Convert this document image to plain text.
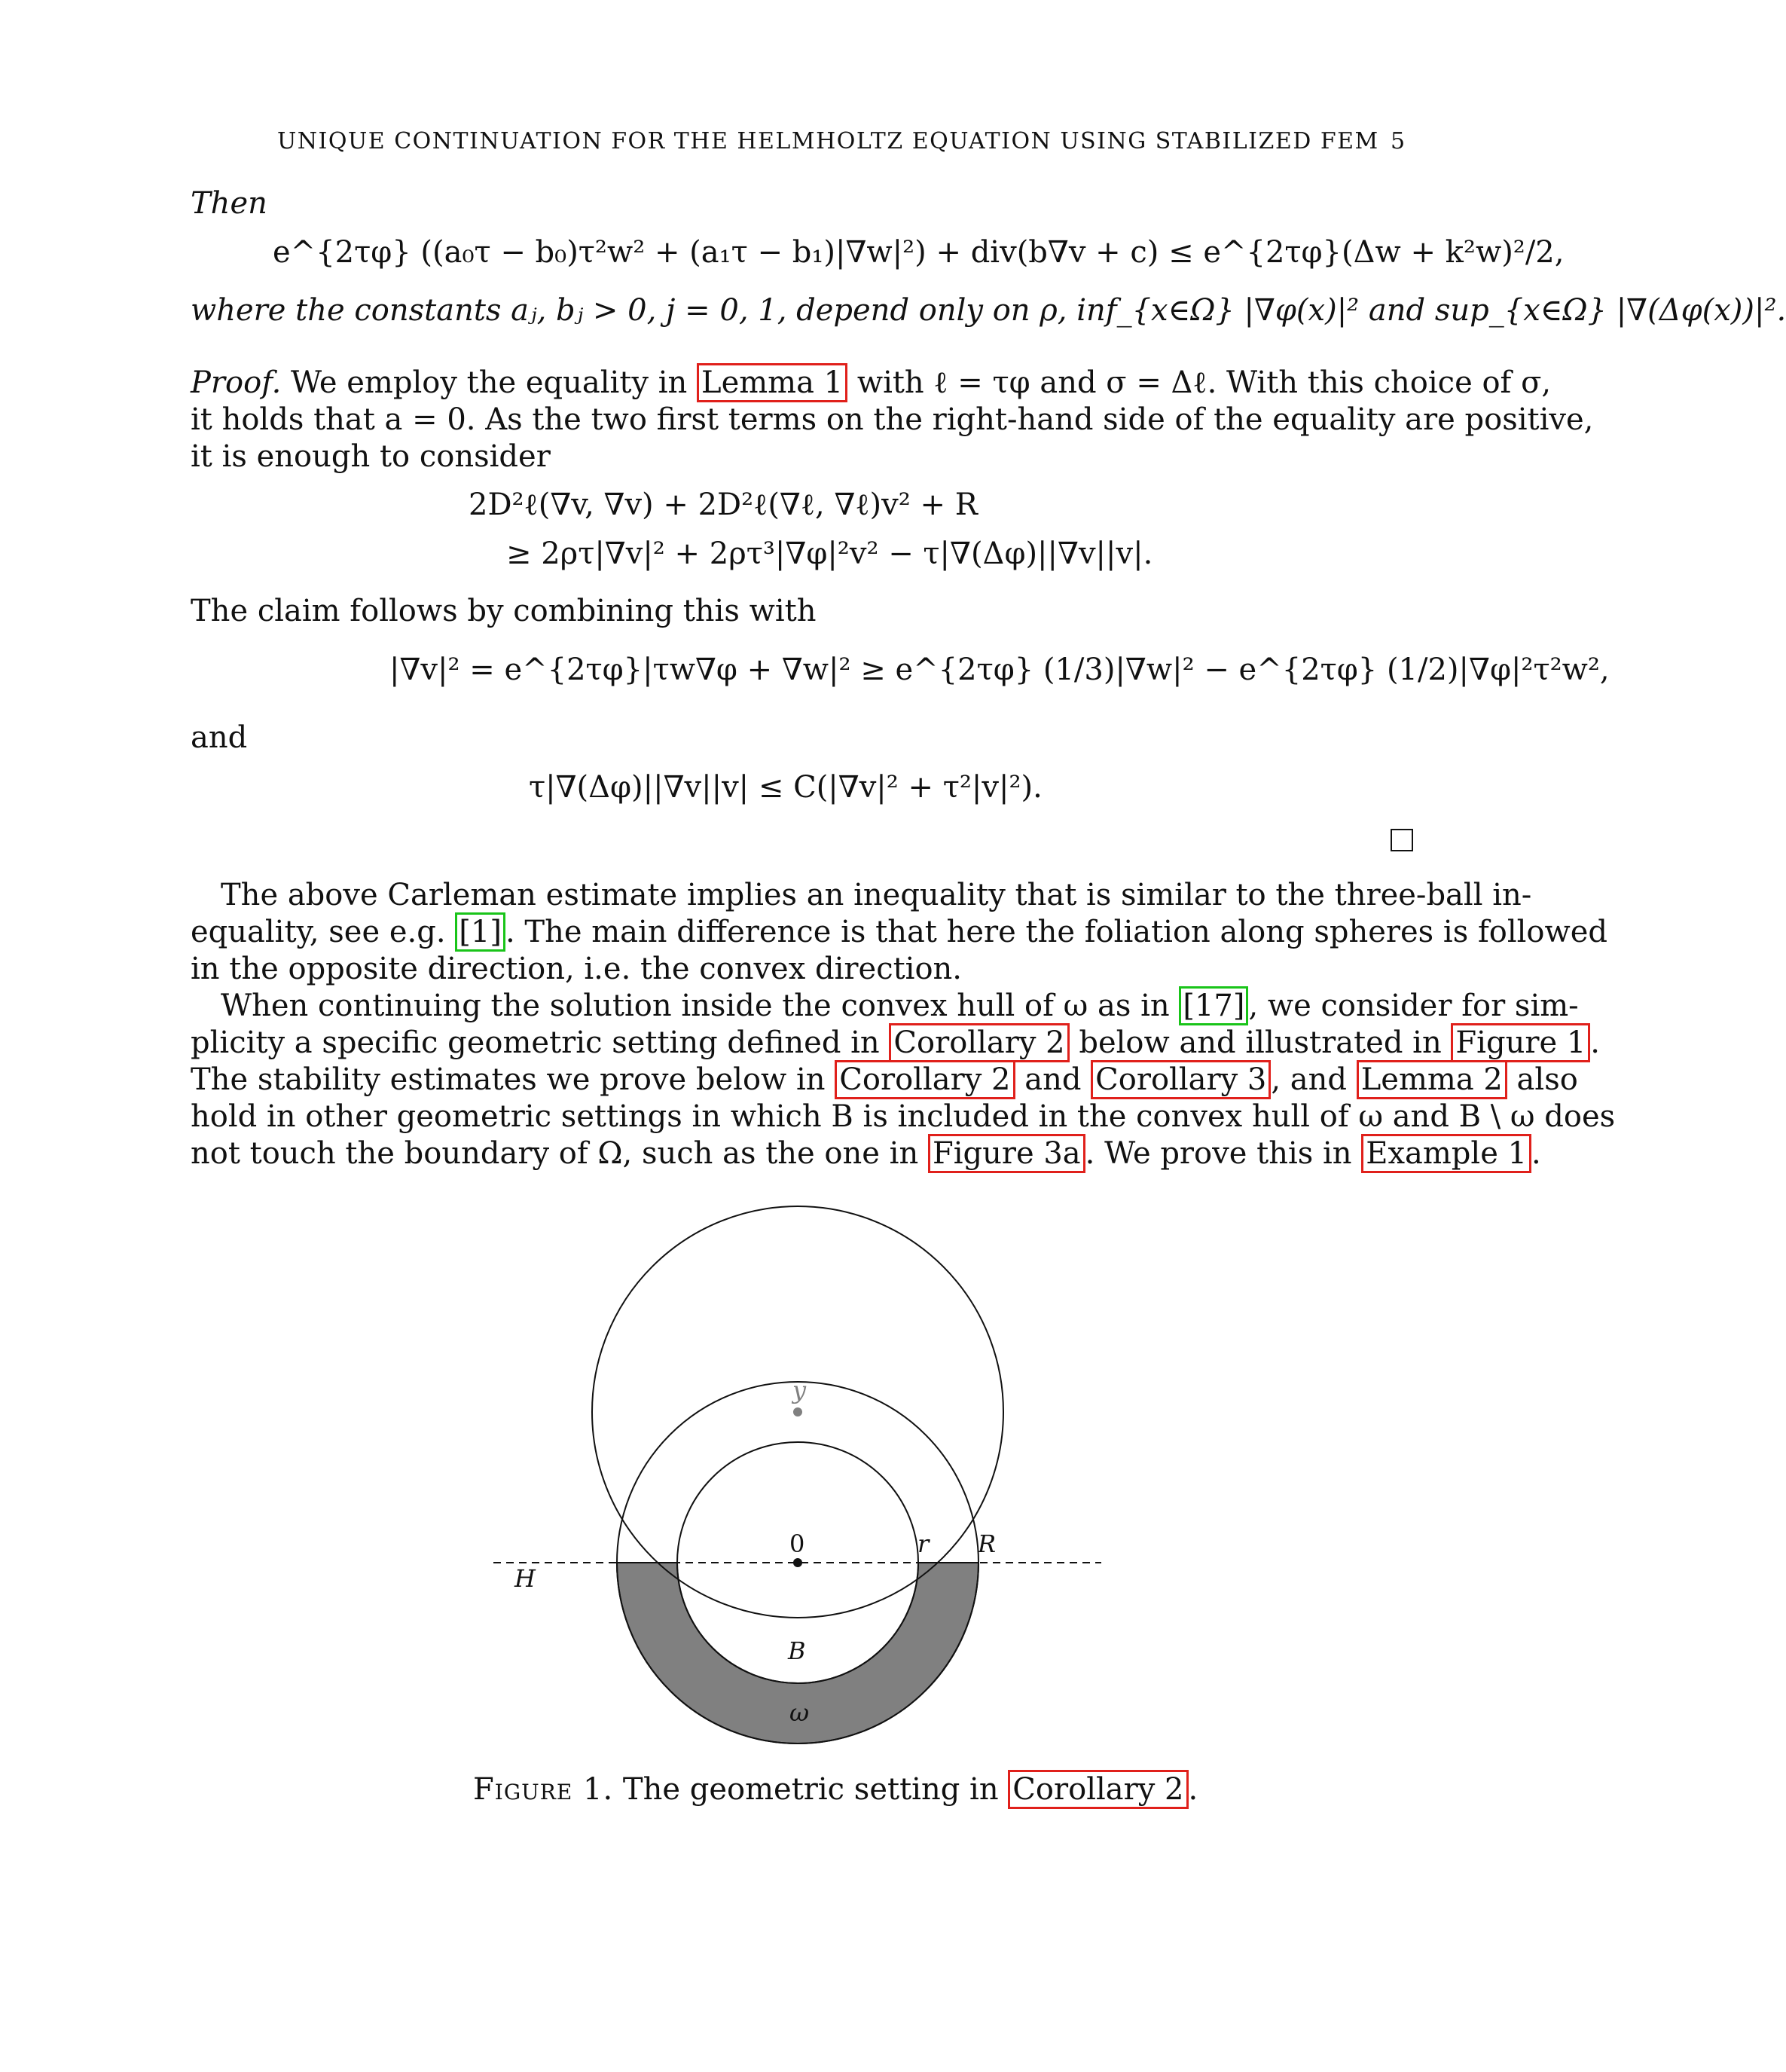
UNIQUE CONTINUATION FOR THE HELMHOLTZ EQUATION USING STABILIZED FEM 5
Then
e^{2τφ} ((a₀τ − b₀)τ²w² + (a₁τ − b₁)|∇w|²) + div(b∇v + c) ≤ e^{2τφ}(Δw + k²w)²/2,
where the constants aⱼ, bⱼ > 0, j = 0, 1, depend only on ρ, inf_{x∈Ω} |∇φ(x)|² and sup_{x∈Ω} |∇(Δφ(x))|².
Proof. We employ the equality in Lemma 1 with ℓ = τφ and σ = Δℓ. With this choice of σ,
it holds that a = 0. As the two first terms on the right-hand side of the equality are positive,
it is enough to consider
2D²ℓ(∇v, ∇v) + 2D²ℓ(∇ℓ, ∇ℓ)v² + R
≥ 2ρτ|∇v|² + 2ρτ³|∇φ|²v² − τ|∇(Δφ)||∇v||v|.
The claim follows by combining this with
|∇v|² = e^{2τφ}|τw∇φ + ∇w|² ≥ e^{2τφ} (1/3)|∇w|² − e^{2τφ} (1/2)|∇φ|²τ²w²,
and
τ|∇(Δφ)||∇v||v| ≤ C(|∇v|² + τ²|v|²).
The above Carleman estimate implies an inequality that is similar to the three-ball in-
equality, see e.g. [1] . The main difference is that here the foliation along spheres is followed
in the opposite direction, i.e. the convex direction.
When continuing the solution inside the convex hull of ω as in [17] , we consider for sim-
plicity a specific geometric setting defined in Corollary 2 below and illustrated in Figure 1 .
The stability estimates we prove below in Corollary 2 and Corollary 3 , and Lemma 2 also
hold in other geometric settings in which B is included in the convex hull of ω and B \ ω does
not touch the boundary of Ω, such as the one in Figure 3a . We prove this in Example 1 .
y
0	r R
H
B
ω
Figure 1. The geometric setting in Corollary 2 .
